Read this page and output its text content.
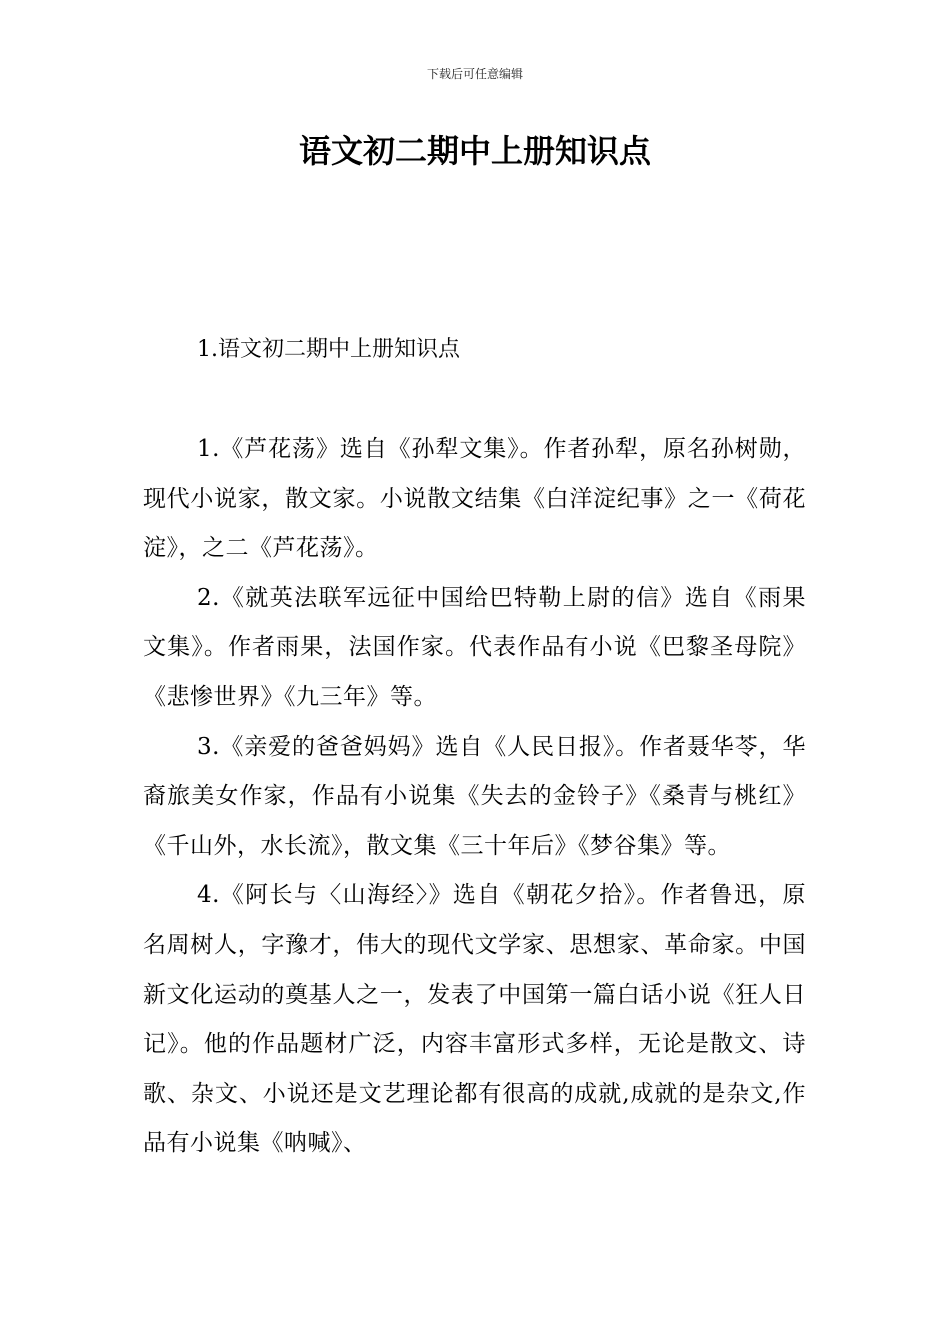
下载后可任意编辑
语文初二期中上册知识点
1.语文初二期中上册知识点

1.《芦花荡》选自《孙犁文集》。作者孙犁，原名孙树勋，现代小说家，散文家。小说散文结集《白洋淀纪事》之一《荷花淀》，之二《芦花荡》。

2.《就英法联军远征中国给巴特勒上尉的信》选自《雨果文集》。作者雨果，法国作家。代表作品有小说《巴黎圣母院》《悲惨世界》《九三年》等。

3.《亲爱的爸爸妈妈》选自《人民日报》。作者聂华苓，华裔旅美女作家，作品有小说集《失去的金铃子》《桑青与桃红》《千山外，水长流》，散文集《三十年后》《梦谷集》等。

4.《阿长与〈山海经〉》选自《朝花夕拾》。作者鲁迅，原名周树人，字豫才，伟大的现代文学家、思想家、革命家。中国新文化运动的奠基人之一，发表了中国第一篇白话小说《狂人日记》。他的作品题材广泛，内容丰富形式多样，无论是散文、诗歌、杂文、小说还是文艺理论都有很高的成就,成就的是杂文,作品有小说集《呐喊》、
